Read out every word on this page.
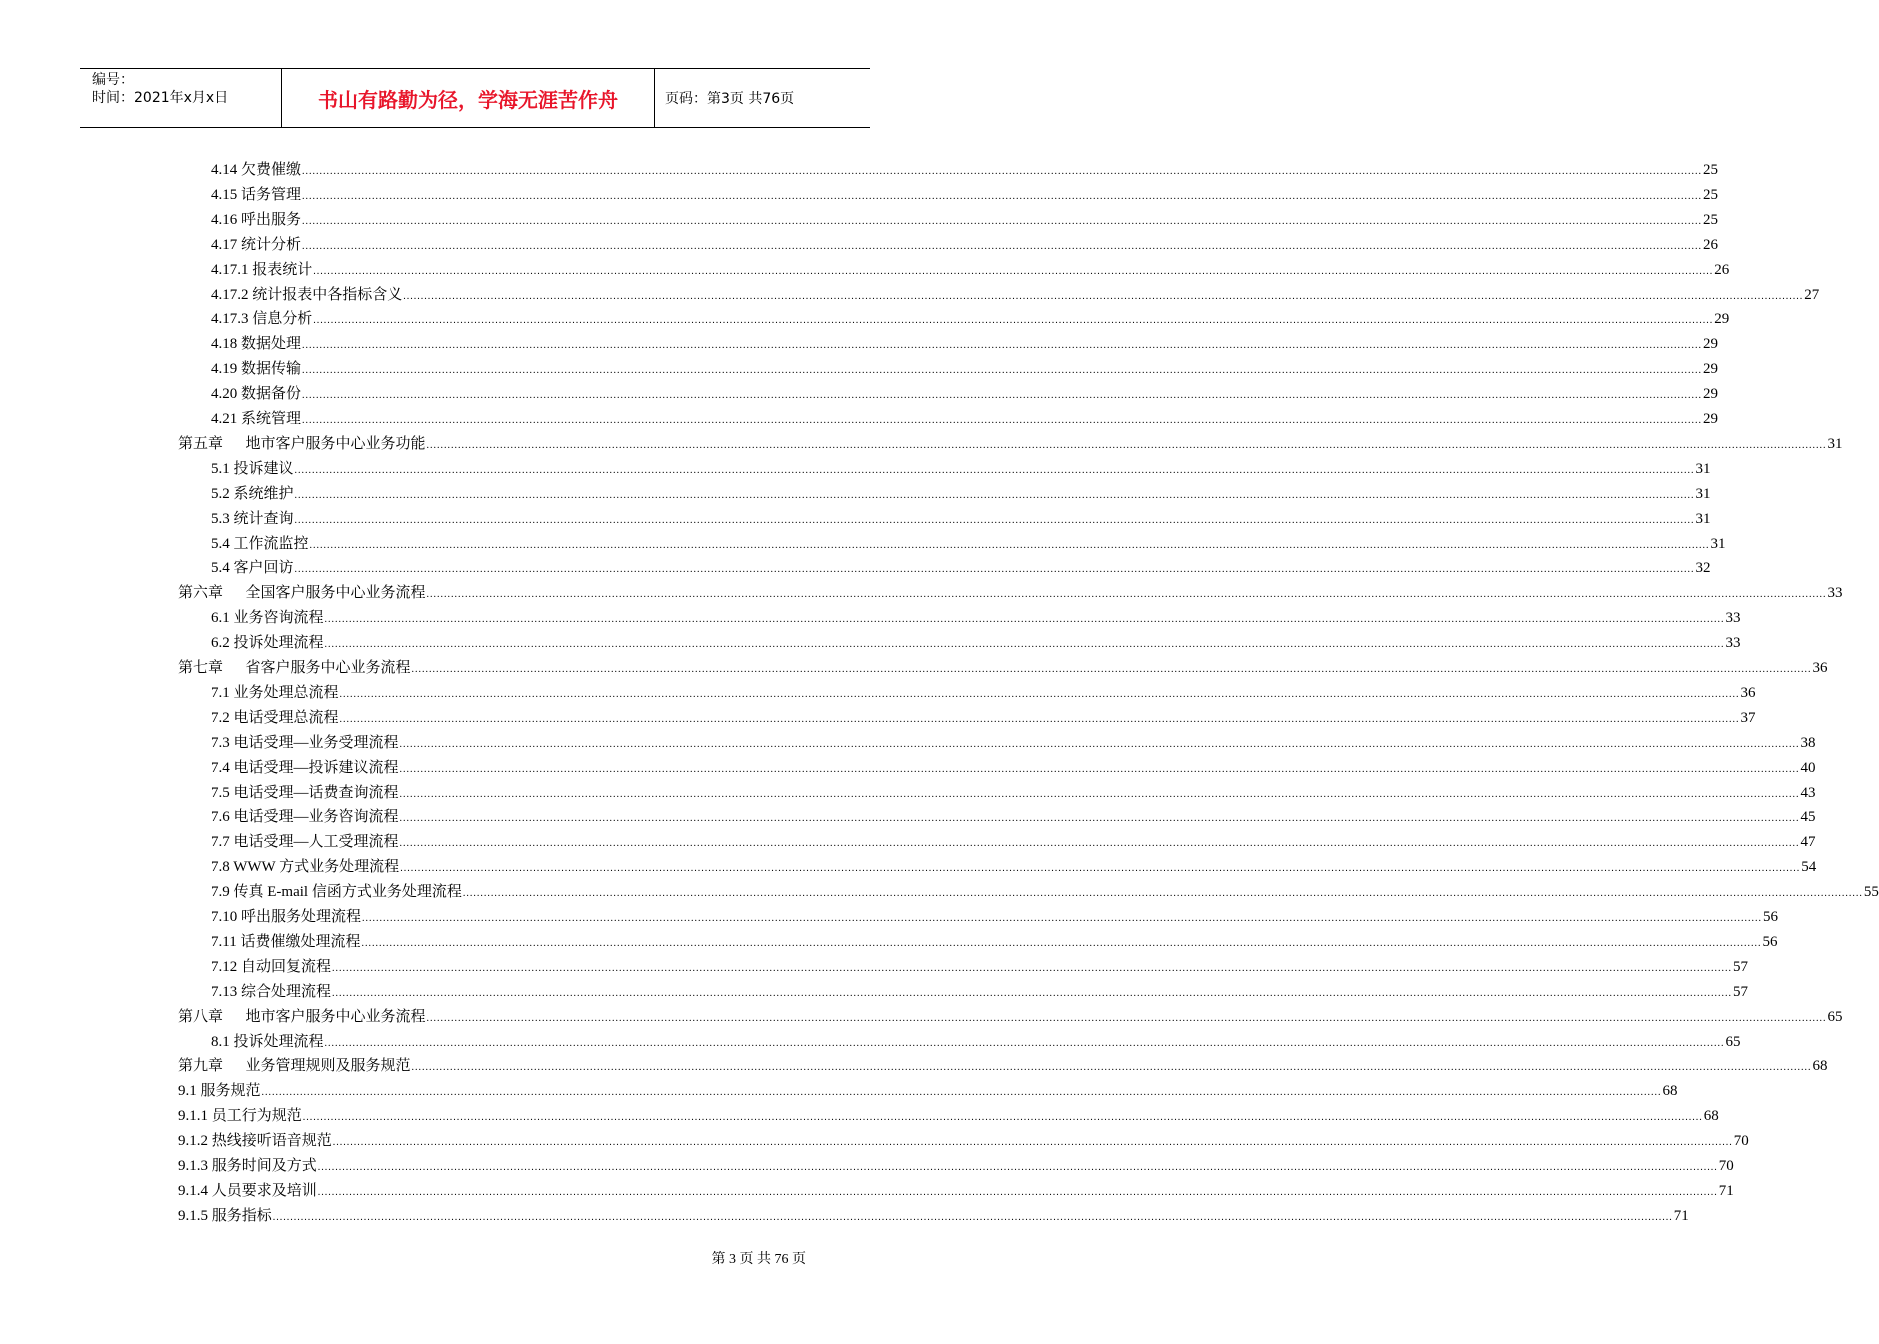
编号：
时间：2021年x月x日	书山有路勤为径，学海无涯苦作舟	页码：第3页 共76页
4.14 欠费催缴 ................................................................................................................................................................................................................................................................................................................................................................................................................ 25
4.15 话务管理 ................................................................................................................................................................................................................................................................................................................................................................................................................ 25
4.16 呼出服务 ................................................................................................................................................................................................................................................................................................................................................................................................................ 25
4.17 统计分析 ................................................................................................................................................................................................................................................................................................................................................................................................................ 26
4.17.1 报表统计 ................................................................................................................................................................................................................................................................................................................................................................................................................ 26
4.17.2 统计报表中各指标含义 ................................................................................................................................................................................................................................................................................................................................................................................................................ 27
4.17.3 信息分析 ................................................................................................................................................................................................................................................................................................................................................................................................................ 29
4.18 数据处理 ................................................................................................................................................................................................................................................................................................................................................................................................................ 29
4.19 数据传输 ................................................................................................................................................................................................................................................................................................................................................................................................................ 29
4.20 数据备份 ................................................................................................................................................................................................................................................................................................................................................................................................................ 29
4.21 系统管理 ................................................................................................................................................................................................................................................................................................................................................................................................................ 29
第五章      地市客户服务中心业务功能 ................................................................................................................................................................................................................................................................................................................................................................................................................ 31
5.1 投诉建议 ................................................................................................................................................................................................................................................................................................................................................................................................................ 31
5.2 系统维护 ................................................................................................................................................................................................................................................................................................................................................................................................................ 31
5.3 统计查询 ................................................................................................................................................................................................................................................................................................................................................................................................................ 31
5.4 工作流监控 ................................................................................................................................................................................................................................................................................................................................................................................................................ 31
5.4 客户回访 ................................................................................................................................................................................................................................................................................................................................................................................................................ 32
第六章      全国客户服务中心业务流程 ................................................................................................................................................................................................................................................................................................................................................................................................................ 33
6.1 业务咨询流程 ................................................................................................................................................................................................................................................................................................................................................................................................................ 33
6.2 投诉处理流程 ................................................................................................................................................................................................................................................................................................................................................................................................................ 33
第七章      省客户服务中心业务流程 ................................................................................................................................................................................................................................................................................................................................................................................................................ 36
7.1 业务处理总流程 ................................................................................................................................................................................................................................................................................................................................................................................................................ 36
7.2 电话受理总流程 ................................................................................................................................................................................................................................................................................................................................................................................................................ 37
7.3 电话受理—业务受理流程 ................................................................................................................................................................................................................................................................................................................................................................................................................ 38
7.4 电话受理—投诉建议流程 ................................................................................................................................................................................................................................................................................................................................................................................................................ 40
7.5 电话受理—话费查询流程 ................................................................................................................................................................................................................................................................................................................................................................................................................ 43
7.6 电话受理—业务咨询流程 ................................................................................................................................................................................................................................................................................................................................................................................................................ 45
7.7 电话受理—人工受理流程 ................................................................................................................................................................................................................................................................................................................................................................................................................ 47
7.8 WWW 方式业务处理流程 ................................................................................................................................................................................................................................................................................................................................................................................................................ 54
7.9 传真 E-mail 信函方式业务处理流程 ................................................................................................................................................................................................................................................................................................................................................................................................................ 55
7.10 呼出服务处理流程 ................................................................................................................................................................................................................................................................................................................................................................................................................ 56
7.11 话费催缴处理流程 ................................................................................................................................................................................................................................................................................................................................................................................................................ 56
7.12 自动回复流程 ................................................................................................................................................................................................................................................................................................................................................................................................................ 57
7.13 综合处理流程 ................................................................................................................................................................................................................................................................................................................................................................................................................ 57
第八章      地市客户服务中心业务流程 ................................................................................................................................................................................................................................................................................................................................................................................................................ 65
8.1 投诉处理流程 ................................................................................................................................................................................................................................................................................................................................................................................................................ 65
第九章      业务管理规则及服务规范 ................................................................................................................................................................................................................................................................................................................................................................................................................ 68
9.1 服务规范 ................................................................................................................................................................................................................................................................................................................................................................................................................ 68
9.1.1 员工行为规范 ................................................................................................................................................................................................................................................................................................................................................................................................................ 68
9.1.2 热线接听语音规范 ................................................................................................................................................................................................................................................................................................................................................................................................................ 70
9.1.3 服务时间及方式 ................................................................................................................................................................................................................................................................................................................................................................................................................ 70
9.1.4 人员要求及培训 ................................................................................................................................................................................................................................................................................................................................................................................................................ 71
9.1.5 服务指标 ................................................................................................................................................................................................................................................................................................................................................................................................................ 71
第 3 页 共 76 页
